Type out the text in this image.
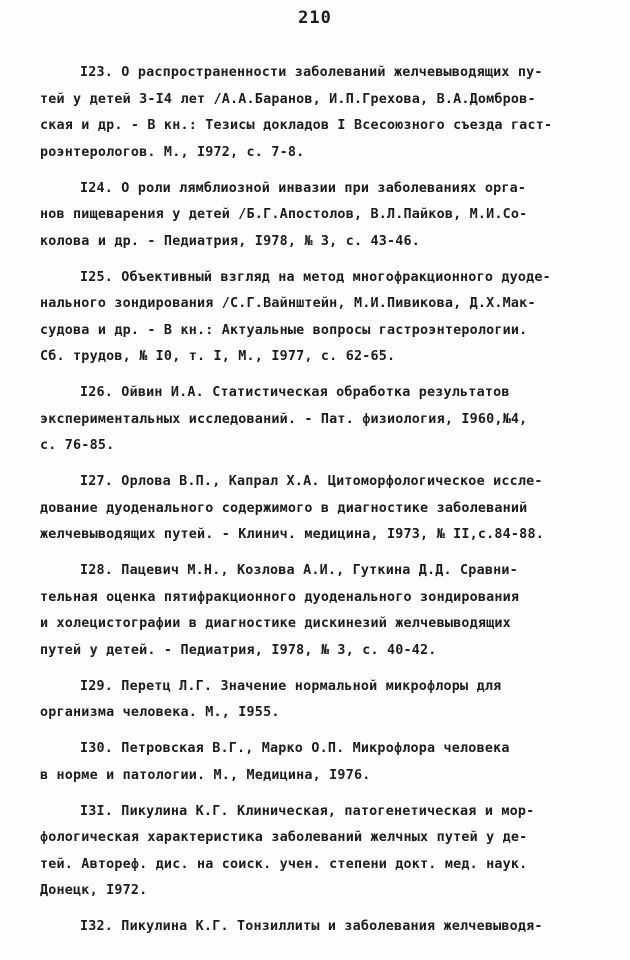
210
I23. О распространенности заболеваний желчевыводящих пу-
тей у детей 3-I4 лет /А.А.Баранов, И.П.Грехова, В.А.Домбров-
ская и др. - В кн.: Тезисы докладов I Всесоюзного съезда гаст-
роэнтерологов. М., I972, с. 7-8.
I24. О роли лямблиозной инвазии при заболеваниях орга-
нов пищеварения у детей /Б.Г.Апостолов, В.Л.Пайков, М.И.Со-
колова и др. - Педиатрия, I978, № 3, с. 43-46.
I25. Объективный взгляд на метод многофракционного дуоде-
нального зондирования /С.Г.Вайнштейн, М.И.Пивикова, Д.Х.Мак-
судова и др. - В кн.: Актуальные вопросы гастроэнтерологии.
Сб. трудов, № I0, т. I, М., I977, с. 62-65.
I26. Ойвин И.А. Статистическая обработка результатов
экспериментальных исследований. - Пат. физиология, I960,№4,
с. 76-85.
I27. Орлова В.П., Капрал Х.А. Цитоморфологическое иссле-
дование дуоденального содержимого в диагностике заболеваний
желчевыводящих путей. - Клинич. медицина, I973, № II,с.84-88.
I28. Пацевич М.Н., Козлова А.И., Гуткина Д.Д. Сравни-
тельная оценка пятифракционного дуоденального зондирования
и холецистографии в диагностике дискинезий желчевыводящих
путей у детей. - Педиатрия, I978, № 3, с. 40-42.
I29. Перетц Л.Г. Значение нормальной микрофлоры для
организма человека. М., I955.
I30. Петровская В.Г., Марко О.П. Микрофлора человека
в норме и патологии. М., Медицина, I976.
I3I. Пикулина К.Г. Клиническая, патогенетическая и мор-
фологическая характеристика заболеваний желчных путей у де-
тей. Автореф. дис. на соиск. учен. степени докт. мед. наук.
Донецк, I972.
I32. Пикулина К.Г. Тонзиллиты и заболевания желчевыводя-
